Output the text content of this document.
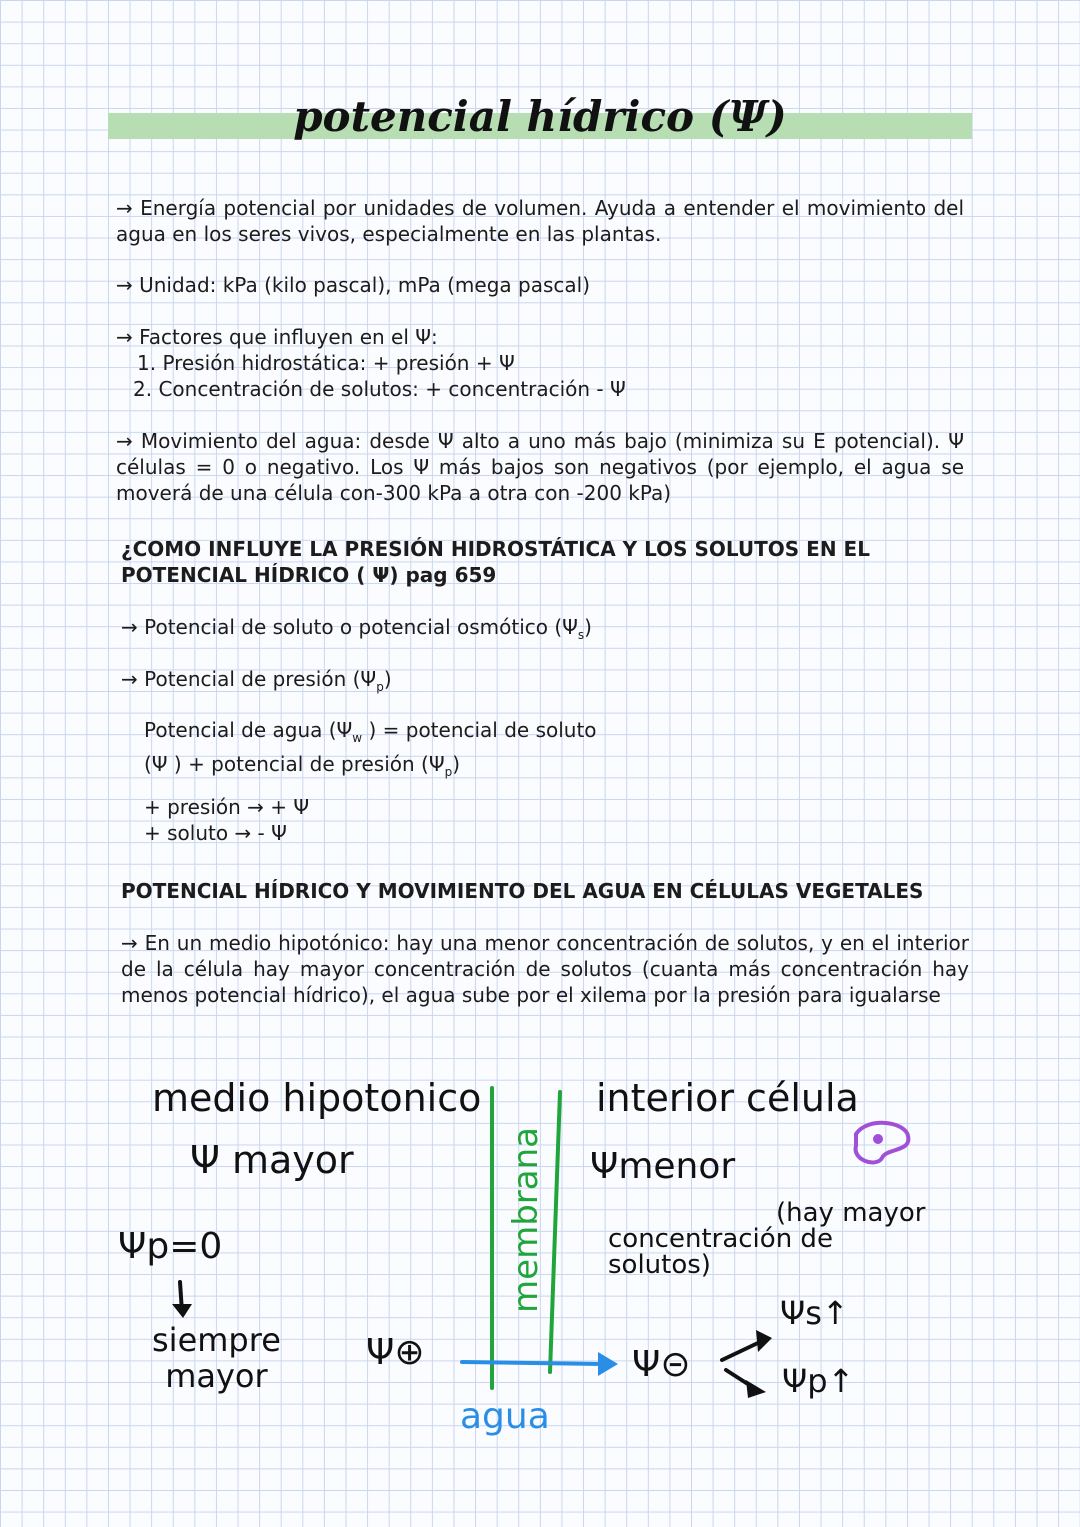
potencial hídrico (Ψ)
→ Energía potencial por unidades de volumen. Ayuda a entender el movimiento del agua en los seres vivos, especialmente en las plantas.
→ Unidad: kPa (kilo pascal), mPa (mega pascal)
→ Factores que influyen en el Ψ:
1. Presión hidrostática: + presión + Ψ
2. Concentración de solutos: + concentración - Ψ
→ Movimiento del agua: desde Ψ alto a uno más bajo (minimiza su E potencial). Ψ células = 0 o negativo. Los Ψ más bajos son negativos (por ejemplo, el agua se moverá de una célula con-300 kPa a otra con -200 kPa)
¿COMO INFLUYE LA PRESIÓN HIDROSTÁTICA Y LOS SOLUTOS EN EL
POTENCIAL HÍDRICO ( Ψ) pag 659
→ Potencial de soluto o potencial osmótico $(\Psi_s)$
→ Potencial de presión $(\Psi_p)$
Potencial de agua ($\Psi_w$ ) = potencial de soluto
(Ψ ) + potencial de presión $(\Psi_p)$
+ presión → + Ψ
+ soluto → - Ψ
POTENCIAL HÍDRICO Y MOVIMIENTO DEL AGUA EN CÉLULAS VEGETALES
→ En un medio hipotónico: hay una menor concentración de solutos, y en el interior de la célula hay mayor concentración de solutos (cuanta más concentración hay menos potencial hídrico), el agua sube por el xilema por la presión para igualarse
medio hipotonico
Ψ mayor
Ψp=0
siempre
mayor
Ψ⊕
membrana
agua
interior célula
Ψmenor
(hay mayor
concentración de
solutos)
Ψ⊝
Ψs↑
Ψp↑
